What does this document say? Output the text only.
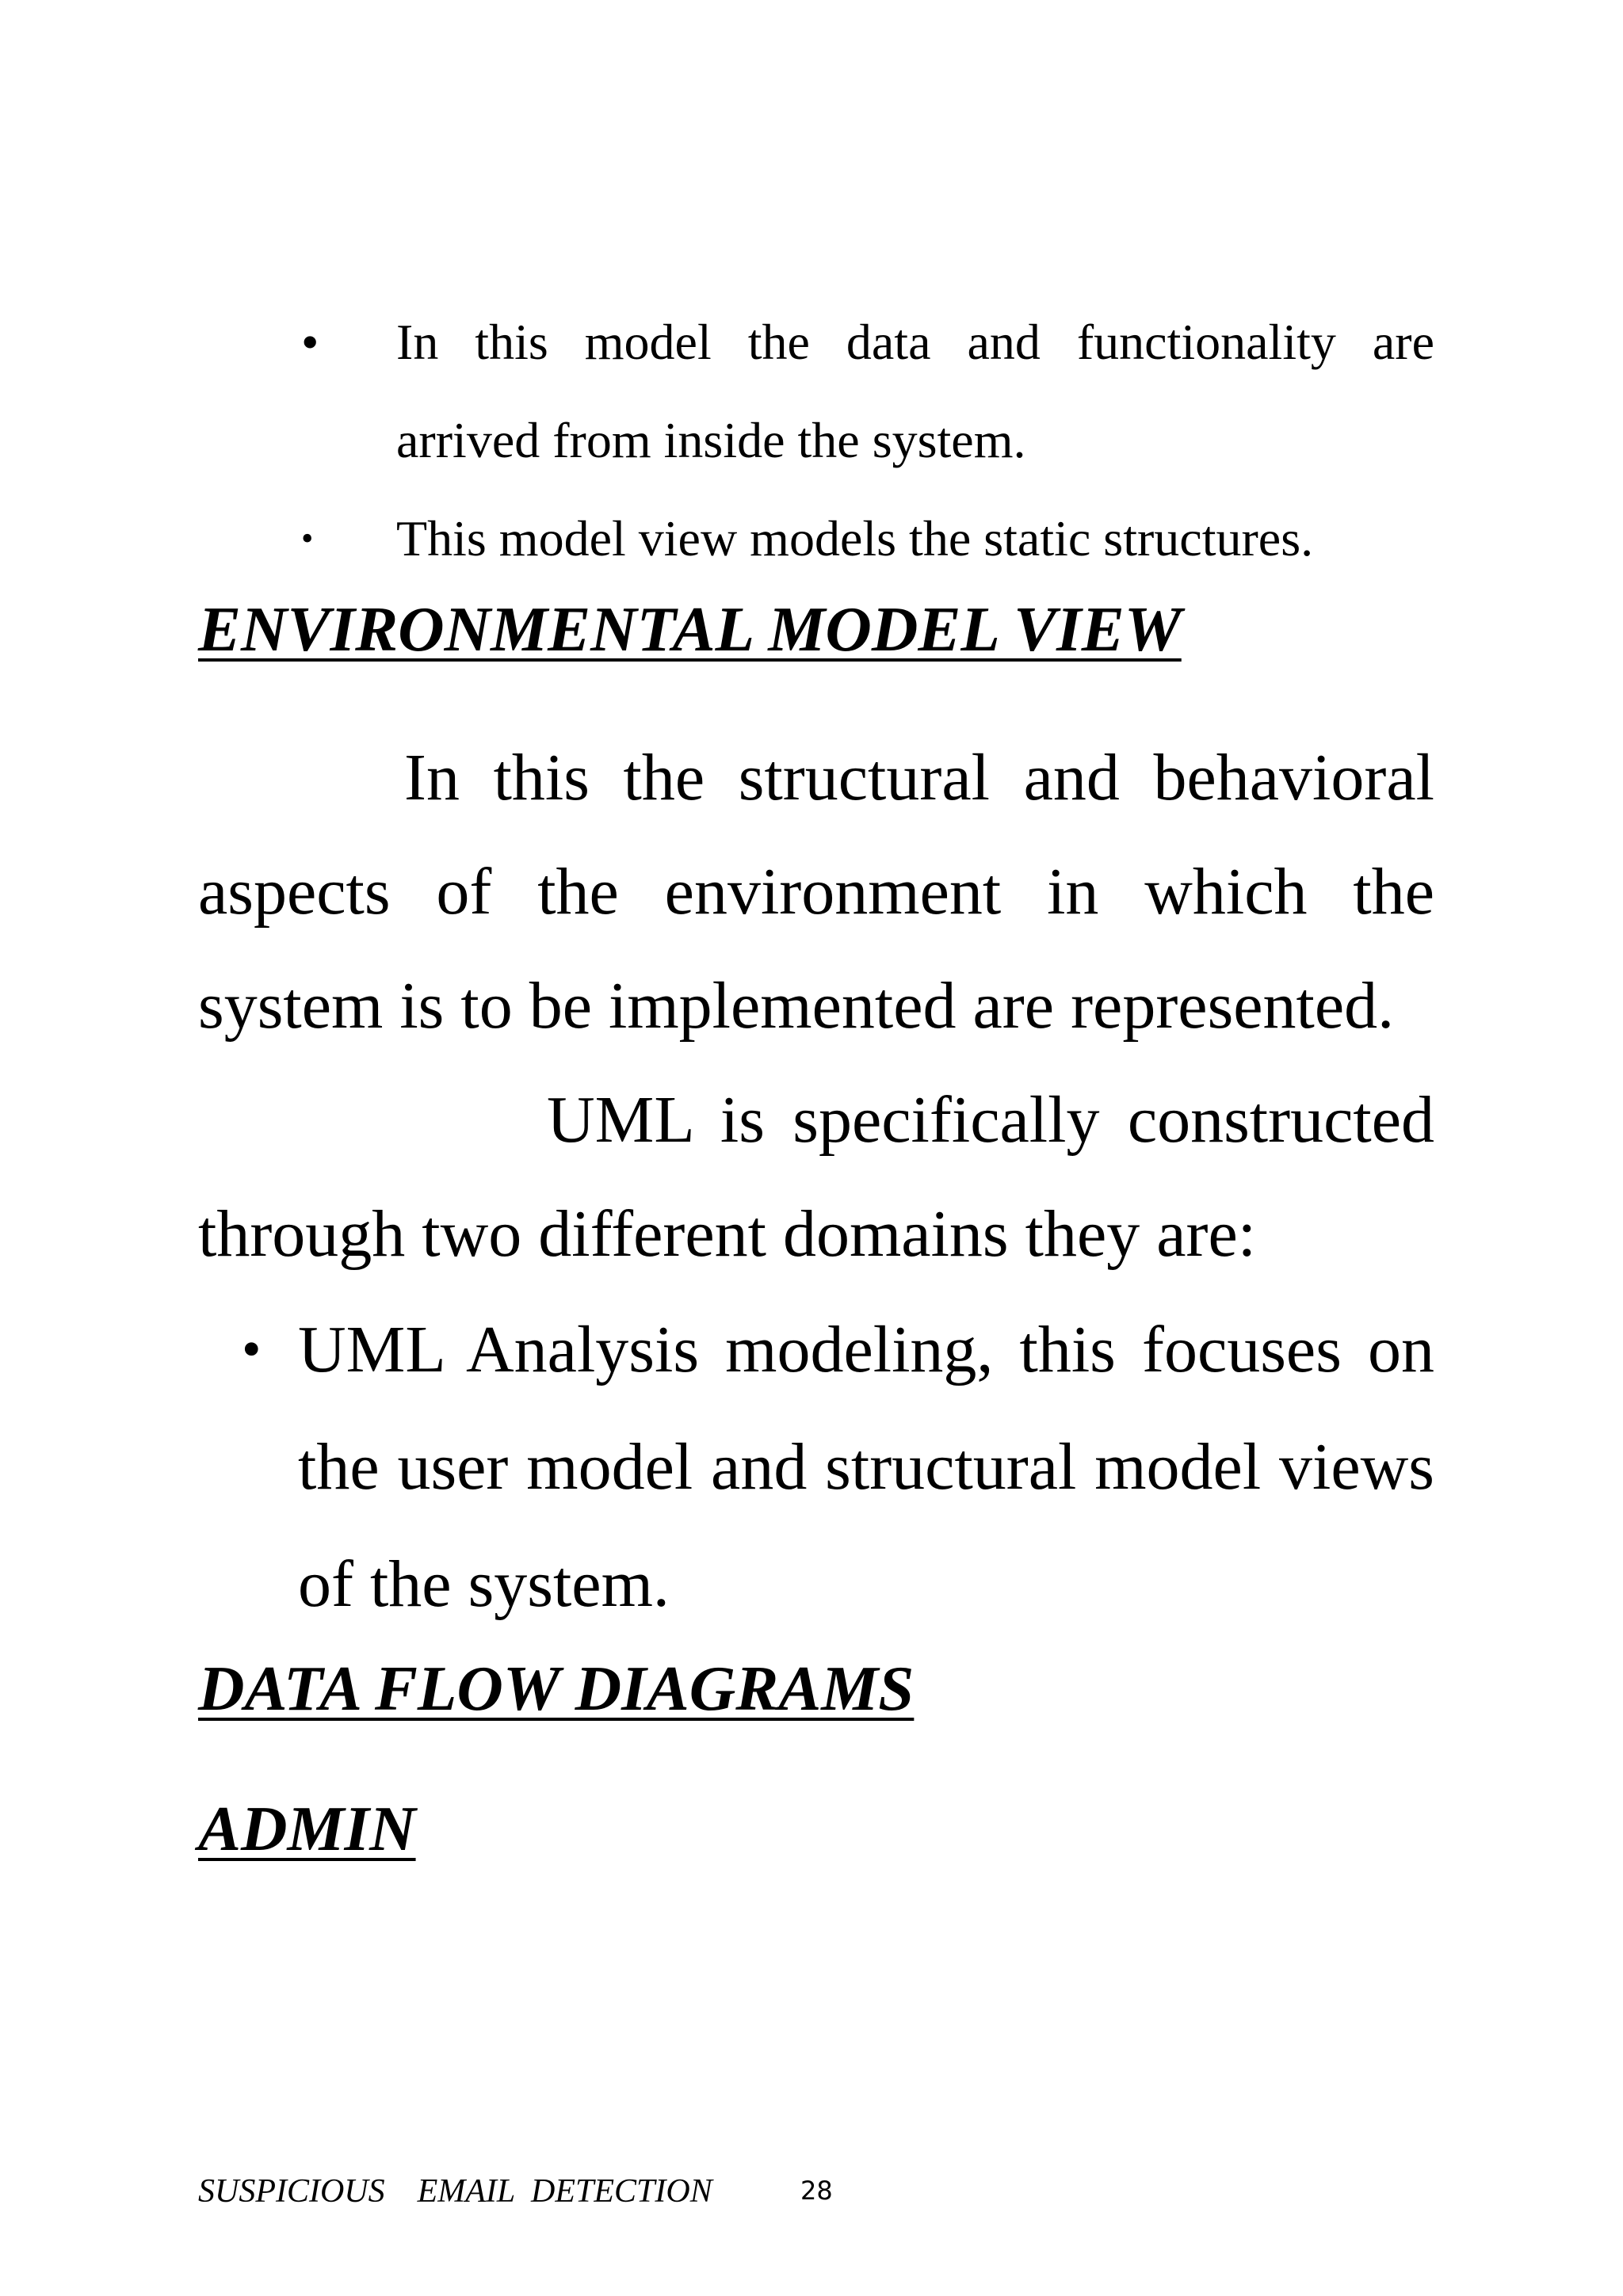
•	In this model the data and functionality are
arrived from inside the system.
•	This model view models the static structures.
ENVIRONMENTAL MODEL VIEW
In this the structural and behavioral
aspects of the environment in which the
system is to be implemented are represented.
UML is specifically constructed
through two different domains they are:
• UML Analysis modeling, this focuses on
the user model and structural model views
of the system.
DATA FLOW DIAGRAMS
ADMIN
SUSPICIOUS  EMAIL DETECTION	28
